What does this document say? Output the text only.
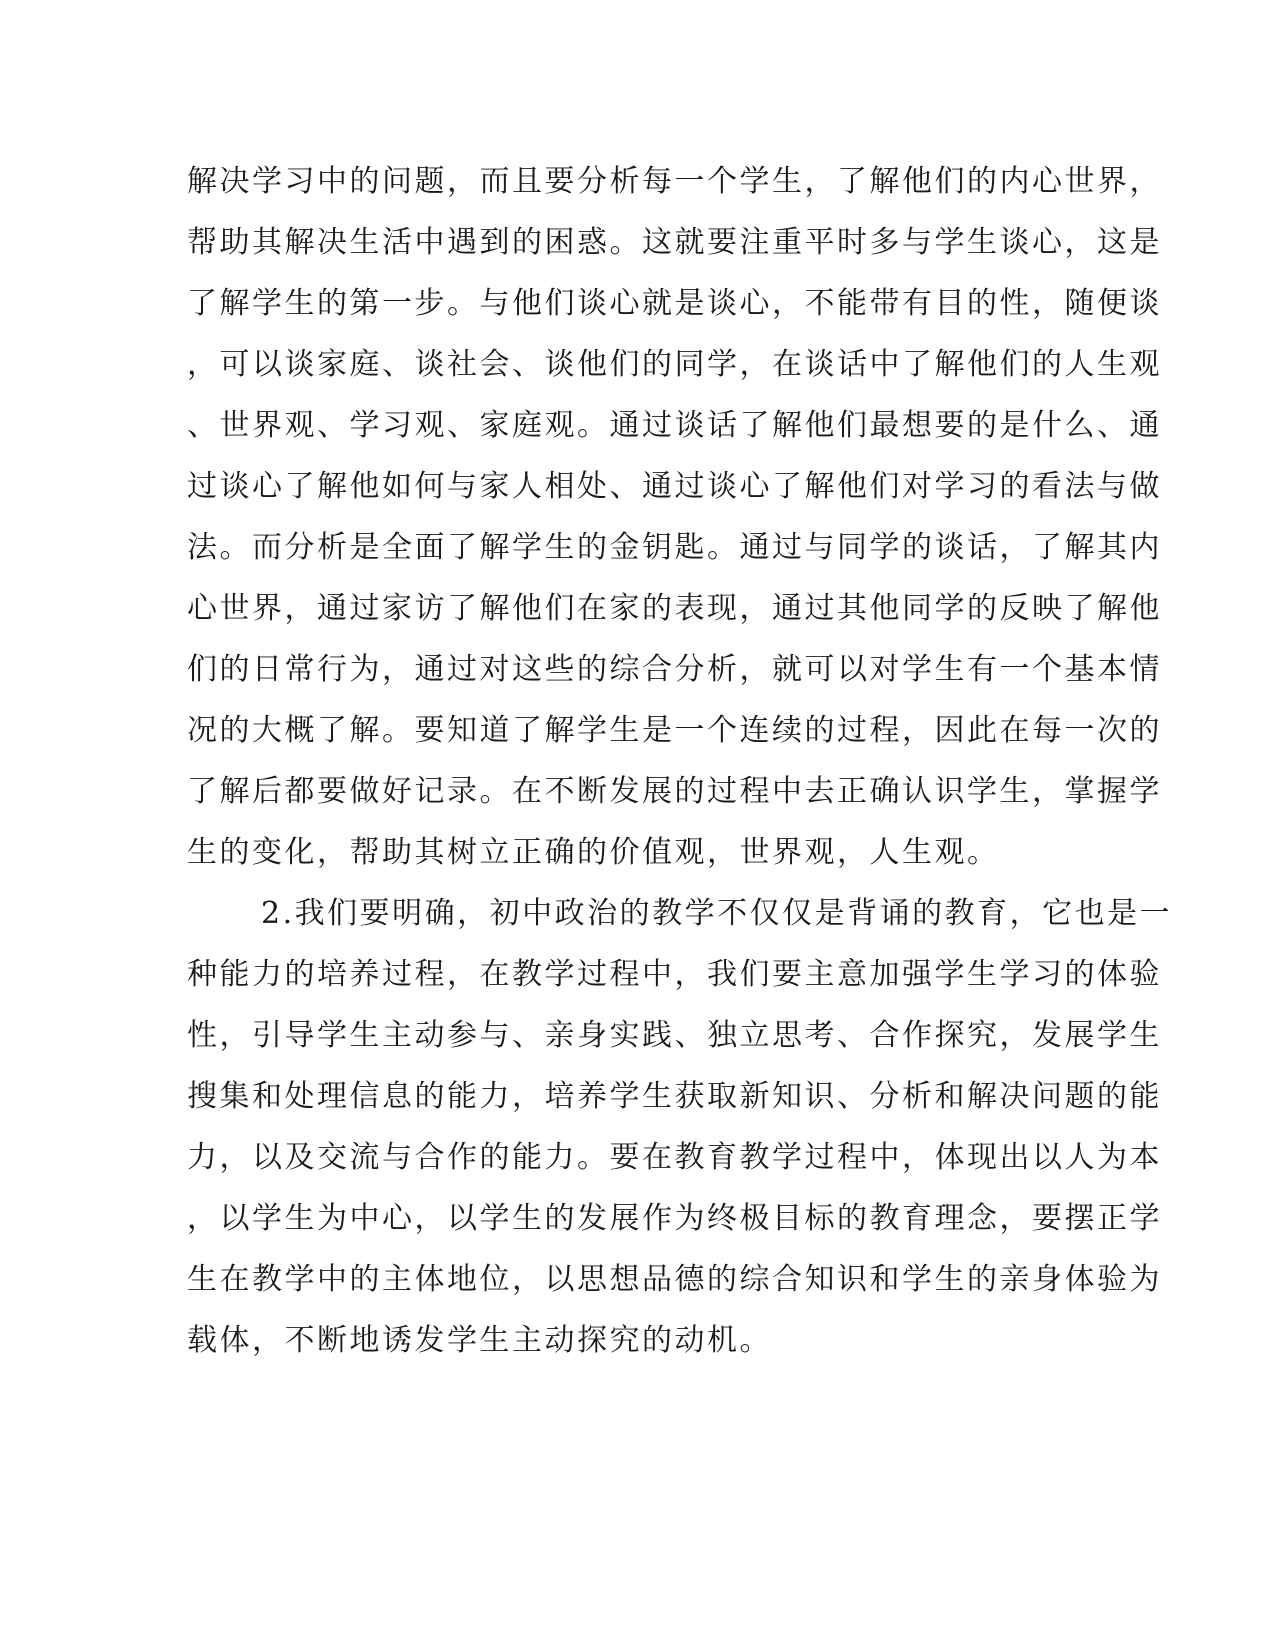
解决学习中的问题，而且要分析每一个学生，了解他们的内心世界，
帮助其解决生活中遇到的困惑。这就要注重平时多与学生谈心，这是
了解学生的第一步。与他们谈心就是谈心，不能带有目的性，随便谈
，可以谈家庭、谈社会、谈他们的同学，在谈话中了解他们的人生观
、世界观、学习观、家庭观。通过谈话了解他们最想要的是什么、通
过谈心了解他如何与家人相处、通过谈心了解他们对学习的看法与做
法。而分析是全面了解学生的金钥匙。通过与同学的谈话，了解其内
心世界，通过家访了解他们在家的表现，通过其他同学的反映了解他
们的日常行为，通过对这些的综合分析，就可以对学生有一个基本情
况的大概了解。要知道了解学生是一个连续的过程，因此在每一次的
了解后都要做好记录。在不断发展的过程中去正确认识学生，掌握学
生的变化，帮助其树立正确的价值观，世界观，人生观。
2.我们要明确，初中政治的教学不仅仅是背诵的教育，它也是一
种能力的培养过程，在教学过程中，我们要主意加强学生学习的体验
性，引导学生主动参与、亲身实践、独立思考、合作探究，发展学生
搜集和处理信息的能力，培养学生获取新知识、分析和解决问题的能
力，以及交流与合作的能力。要在教育教学过程中，体现出以人为本
，以学生为中心，以学生的发展作为终极目标的教育理念，要摆正学
生在教学中的主体地位，以思想品德的综合知识和学生的亲身体验为
载体，不断地诱发学生主动探究的动机。
